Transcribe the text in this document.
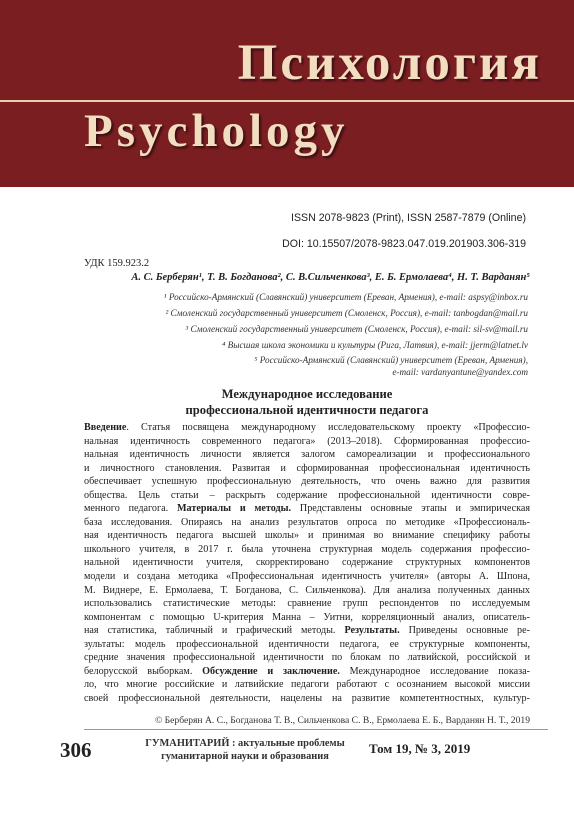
Психология
Psychology
ISSN 2078-9823 (Print), ISSN 2587-7879 (Online)
DOI: 10.15507/2078-9823.047.019.201903.306-319
УДК 159.923.2
А. С. Берберян¹, Т. В. Богданова², С. В.Сильченкова³, Е. Б. Ермолаева⁴, Н. Т. Варданян⁵
¹ Российско-Армянский (Славянский) университет (Ереван, Армения), e-mail: aspsy@inbox.ru
² Смоленский государственный университет (Смоленск, Россия), e-mail: tanbogdan@mail.ru
³ Смоленский государственный университет (Смоленск, Россия), e-mail: sil-sv@mail.ru
⁴ Высшая школа экономики и культуры (Рига, Латвия), e-mail: jjerm@latnet.lv
⁵ Российско-Армянский (Славянский) университет (Ереван, Армения),
e-mail: vardanyantune@yandex.com
Международное исследование
профессиональной идентичности педагога
Введение. Статья посвящена международному исследовательскому проекту «Профессио-
нальная идентичность современного педагога» (2013–2018). Сформированная профессио-
нальная идентичность личности является залогом самореализации и профессионального
и личностного становления. Развитая и сформированная профессиональная идентичность
обеспечивает успешную профессиональную деятельность, что очень важно для развития
общества. Цель статьи – раскрыть содержание профессиональной идентичности совре-
менного педагога. Материалы и методы. Представлены основные этапы и эмпирическая
база исследования. Опираясь на анализ результатов опроса по методике «Профессиональ-
ная идентичность педагога высшей школы» и принимая во внимание специфику работы
школьного учителя, в 2017 г. была уточнена структурная модель содержания профессио-
нальной идентичности учителя, скорректировано содержание структурных компонентов
модели и создана методика «Профессиональная идентичность учителя» (авторы А. Шпона,
М. Виднере, Е. Ермолаева, Т. Богданова, С. Сильченкова). Для анализа полученных данных
использовались статистические методы: сравнение групп респондентов по исследуемым
компонентам с помощью U-критерия Манна – Уитни, корреляционный анализ, описатель-
ная статистика, табличный и графический методы. Результаты. Приведены основные ре-
зультаты: модель профессиональной идентичности педагога, ее структурные компоненты,
средние значения профессиональной идентичности по блокам по латвийской, российской и
белорусской выборкам. Обсуждение и заключение. Международное исследование показа-
ло, что многие российские и латвийские педагоги работают с осознанием высокой миссии
своей профессиональной деятельности, нацелены на развитие компетентностных, культур-
© Берберян А. С., Богданова Т. В., Сильченкова С. В., Ермолаева Е. Б., Варданян Н. Т., 2019
306	ГУМАНИТАРИЙ : актуальные проблемы
гуманитарной науки и образования
Том 19, № 3, 2019
